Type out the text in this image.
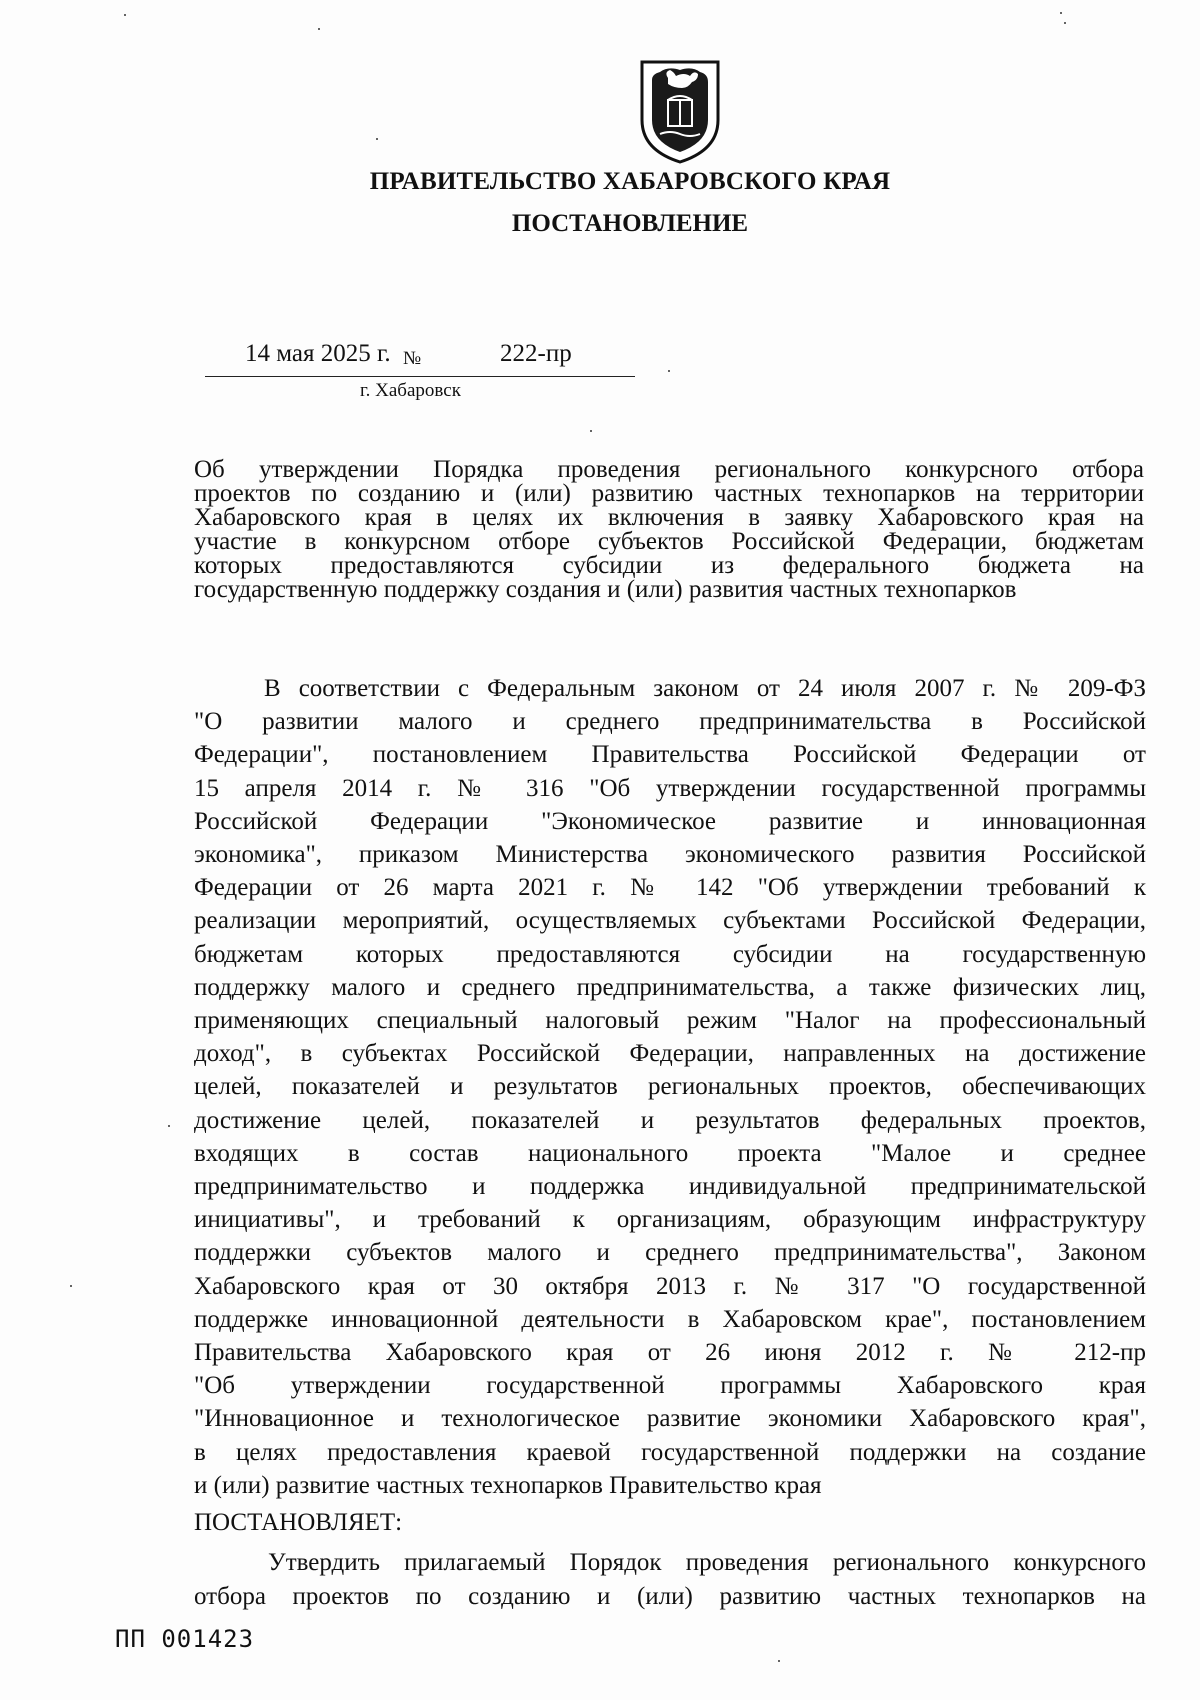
ПРАВИТЕЛЬСТВО ХАБАРОВСКОГО КРАЯ
ПОСТАНОВЛЕНИЕ
14 мая 2025 г. №	222-пр
г. Хабаровск
Об утверждении Порядка проведения регионального конкурсного отбора
проектов по созданию и (или) развитию частных технопарков на территории
Хабаровского края в целях их включения в заявку Хабаровского края на
участие в конкурсном отборе субъектов Российской Федерации, бюджетам
которых предоставляются субсидии из федерального бюджета на
государственную поддержку создания и (или) развития частных технопарков
В соответствии с Федеральным законом от 24 июля 2007 г. № 209-ФЗ
"О развитии малого и среднего предпринимательства в Российской
Федерации", постановлением Правительства Российской Федерации от
15 апреля 2014 г. № 316 "Об утверждении государственной программы
Российской Федерации "Экономическое развитие и инновационная
экономика", приказом Министерства экономического развития Российской
Федерации от 26 марта 2021 г. № 142 "Об утверждении требований к
реализации мероприятий, осуществляемых субъектами Российской Федерации,
бюджетам которых предоставляются субсидии на государственную
поддержку малого и среднего предпринимательства, а также физических лиц,
применяющих специальный налоговый режим "Налог на профессиональный
доход", в субъектах Российской Федерации, направленных на достижение
целей, показателей и результатов региональных проектов, обеспечивающих
достижение целей, показателей и результатов федеральных проектов,
входящих в состав национального проекта "Малое и среднее
предпринимательство и поддержка индивидуальной предпринимательской
инициативы", и требований к организациям, образующим инфраструктуру
поддержки субъектов малого и среднего предпринимательства", Законом
Хабаровского края от 30 октября 2013 г. № 317 "О государственной
поддержке инновационной деятельности в Хабаровском крае", постановлением
Правительства Хабаровского края от 26 июня 2012 г. № 212-пр
"Об утверждении государственной программы Хабаровского края
"Инновационное и технологическое развитие экономики Хабаровского края",
в целях предоставления краевой государственной поддержки на создание
и (или) развитие частных технопарков Правительство края
ПОСТАНОВЛЯЕТ:
Утвердить прилагаемый Порядок проведения регионального конкурсного
отбора проектов по созданию и (или) развитию частных технопарков на
ПП 001423
